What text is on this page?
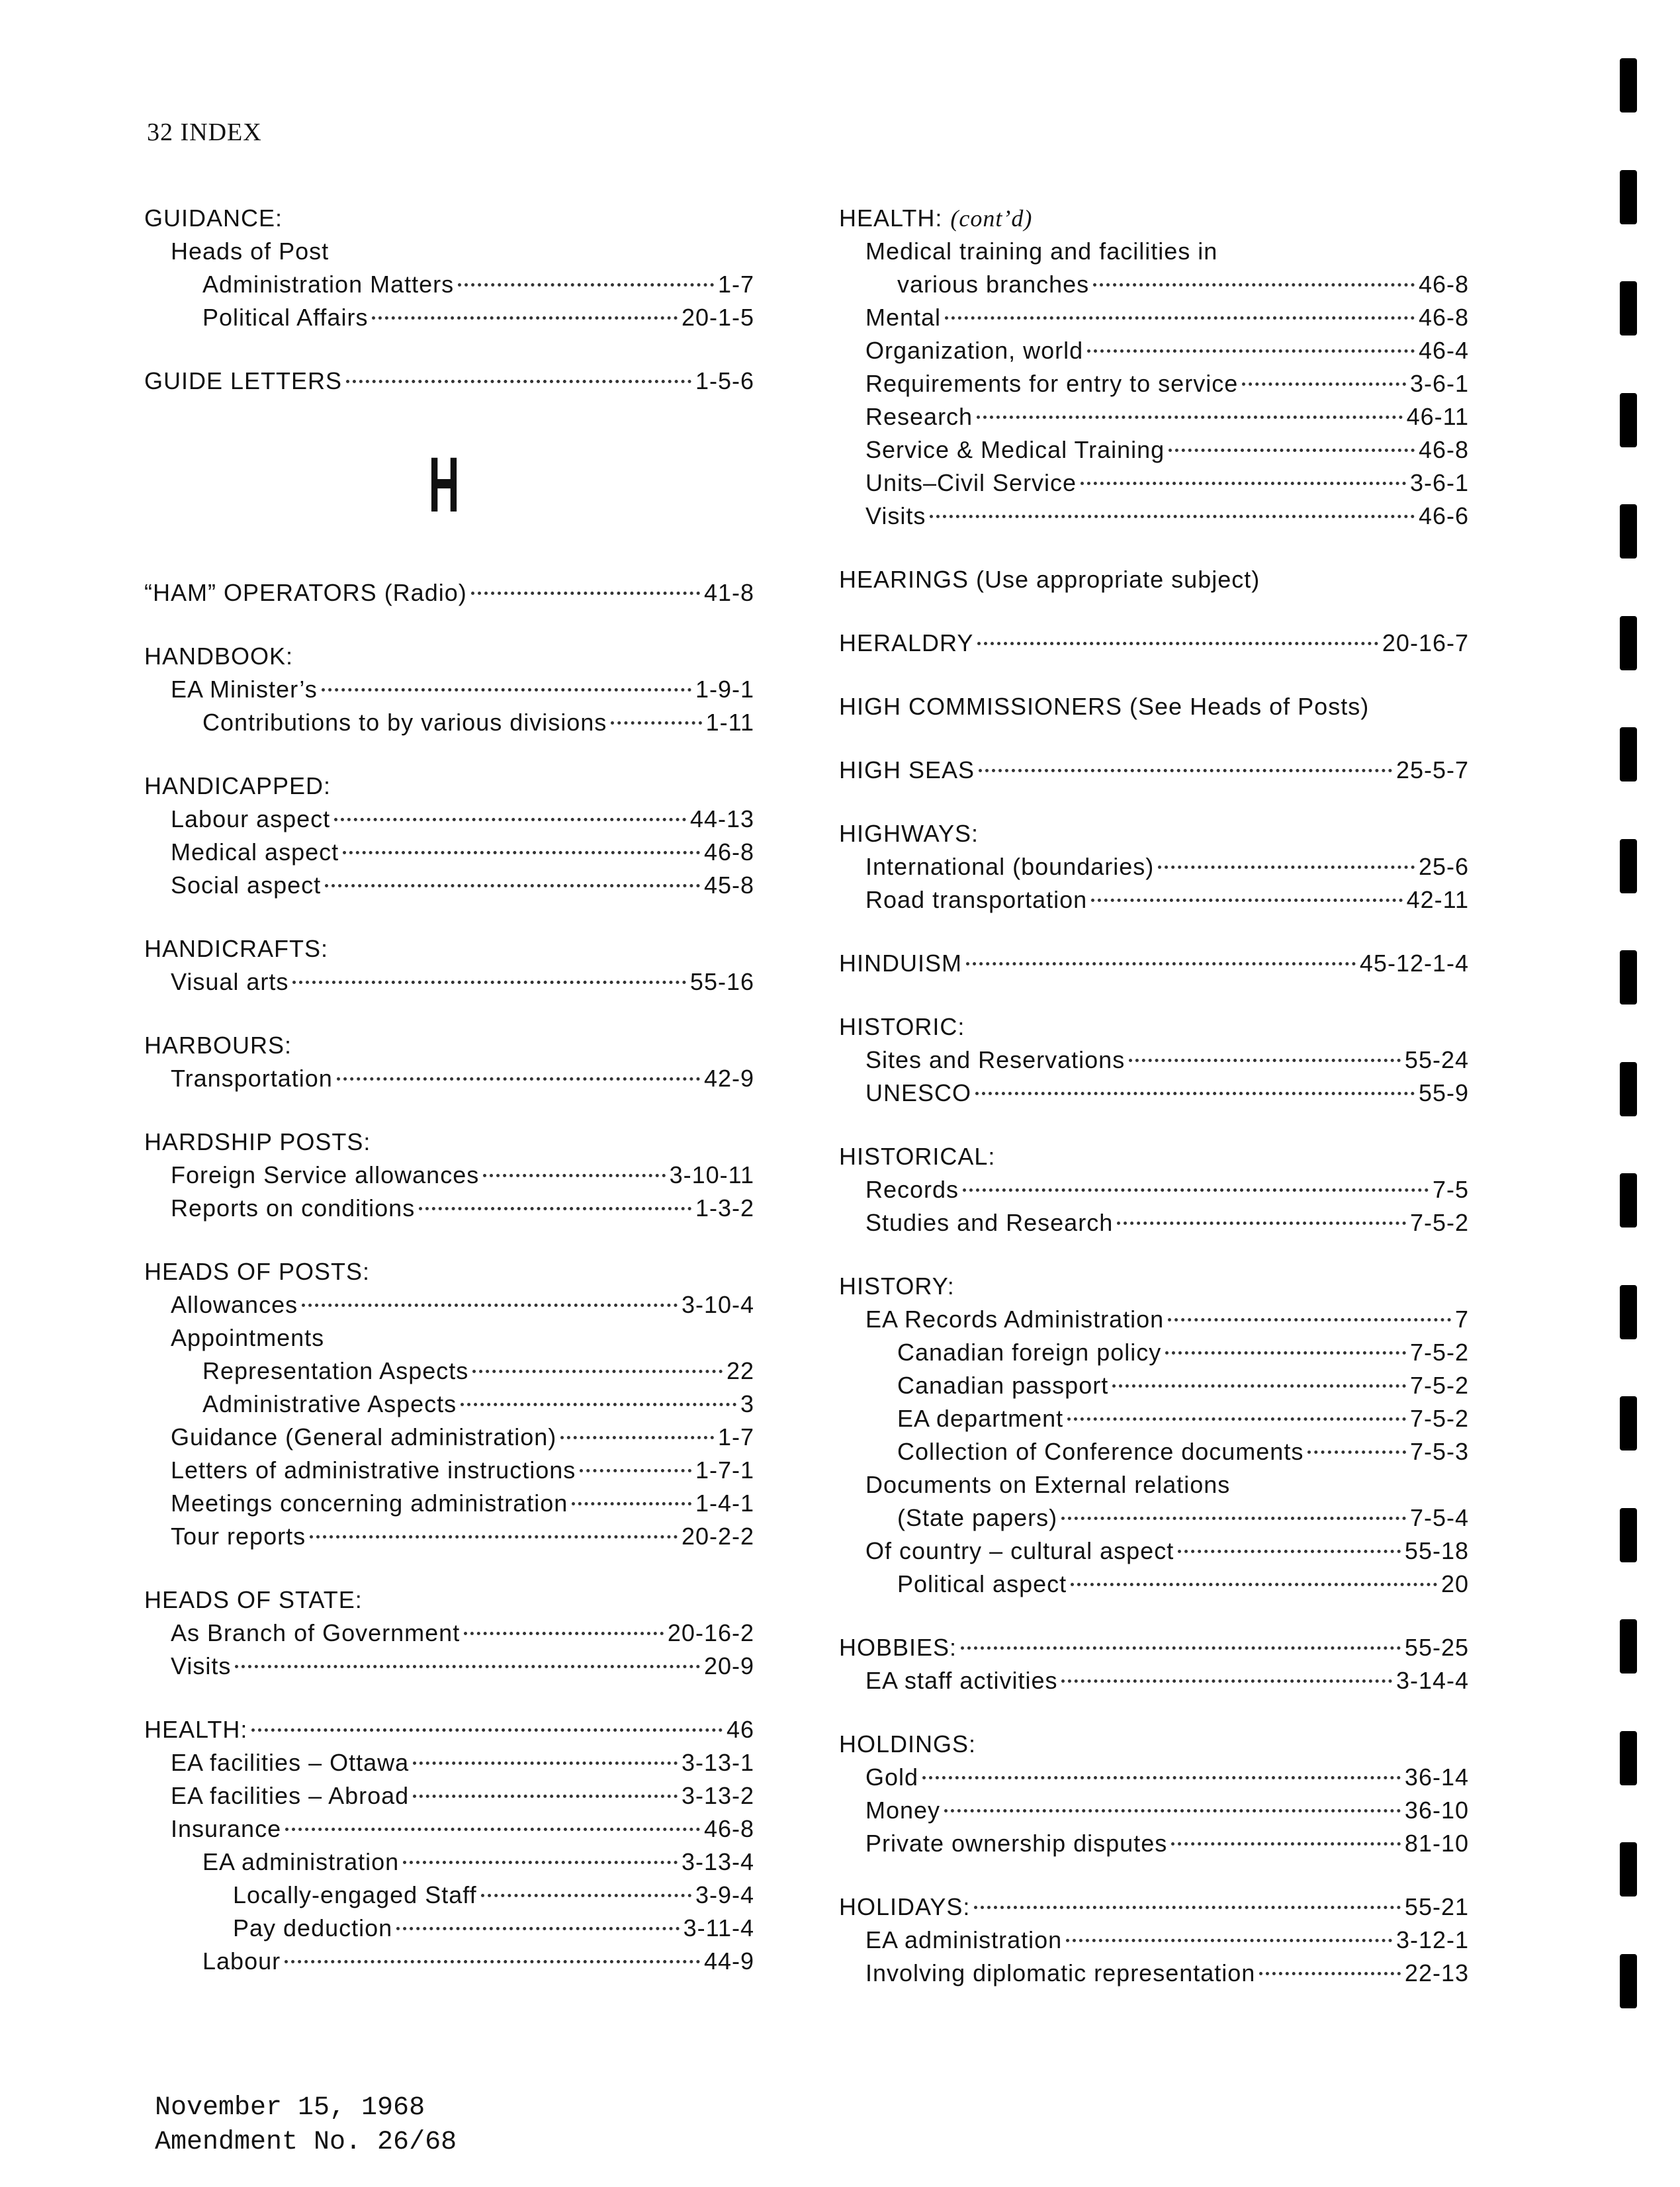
32 INDEX
GUIDANCE:
Heads of Post
Administration Matters	1-7
Political Affairs	20-1-5
GUIDE LETTERS	1-5-6
H
“HAM” OPERATORS (Radio)	41-8
HANDBOOK:
EA Minister’s	1-9-1
Contributions to by various divisions	1-11
HANDICAPPED:
Labour aspect	44-13
Medical aspect	46-8
Social aspect	45-8
HANDICRAFTS:
Visual arts	55-16
HARBOURS:
Transportation	42-9
HARDSHIP POSTS:
Foreign Service allowances	3-10-11
Reports on conditions	1-3-2
HEADS OF POSTS:
Allowances	3-10-4
Appointments
Representation Aspects	22
Administrative Aspects	3
Guidance (General administration)	1-7
Letters of administrative instructions	1-7-1
Meetings concerning administration	1-4-1
Tour reports	20-2-2
HEADS OF STATE:
As Branch of Government	20-16-2
Visits	20-9
HEALTH:	46
EA facilities – Ottawa	3-13-1
EA facilities – Abroad	3-13-2
Insurance	46-8
EA administration	3-13-4
Locally-engaged Staff	3-9-4
Pay deduction	3-11-4
Labour	44-9
HEALTH: (cont’d)
Medical training and facilities in
various branches	46-8
Mental	46-8
Organization, world	46-4
Requirements for entry to service	3-6-1
Research	46-11
Service & Medical Training	46-8
Units–Civil Service	3-6-1
Visits	46-6
HEARINGS (Use appropriate subject)
HERALDRY	20-16-7
HIGH COMMISSIONERS (See Heads of Posts)
HIGH SEAS	25-5-7
HIGHWAYS:
International (boundaries)	25-6
Road transportation	42-11
HINDUISM	45-12-1-4
HISTORIC:
Sites and Reservations	55-24
UNESCO	55-9
HISTORICAL:
Records	7-5
Studies and Research	7-5-2
HISTORY:
EA Records Administration	7
Canadian foreign policy	7-5-2
Canadian passport	7-5-2
EA department	7-5-2
Collection of Conference documents	7-5-3
Documents on External relations
(State papers)	7-5-4
Of country – cultural aspect	55-18
Political aspect	20
HOBBIES:	55-25
EA staff activities	3-14-4
HOLDINGS:
Gold	36-14
Money	36-10
Private ownership disputes	81-10
HOLIDAYS:	55-21
EA administration	3-12-1
Involving diplomatic representation	22-13
November 15, 1968
Amendment No. 26/68
